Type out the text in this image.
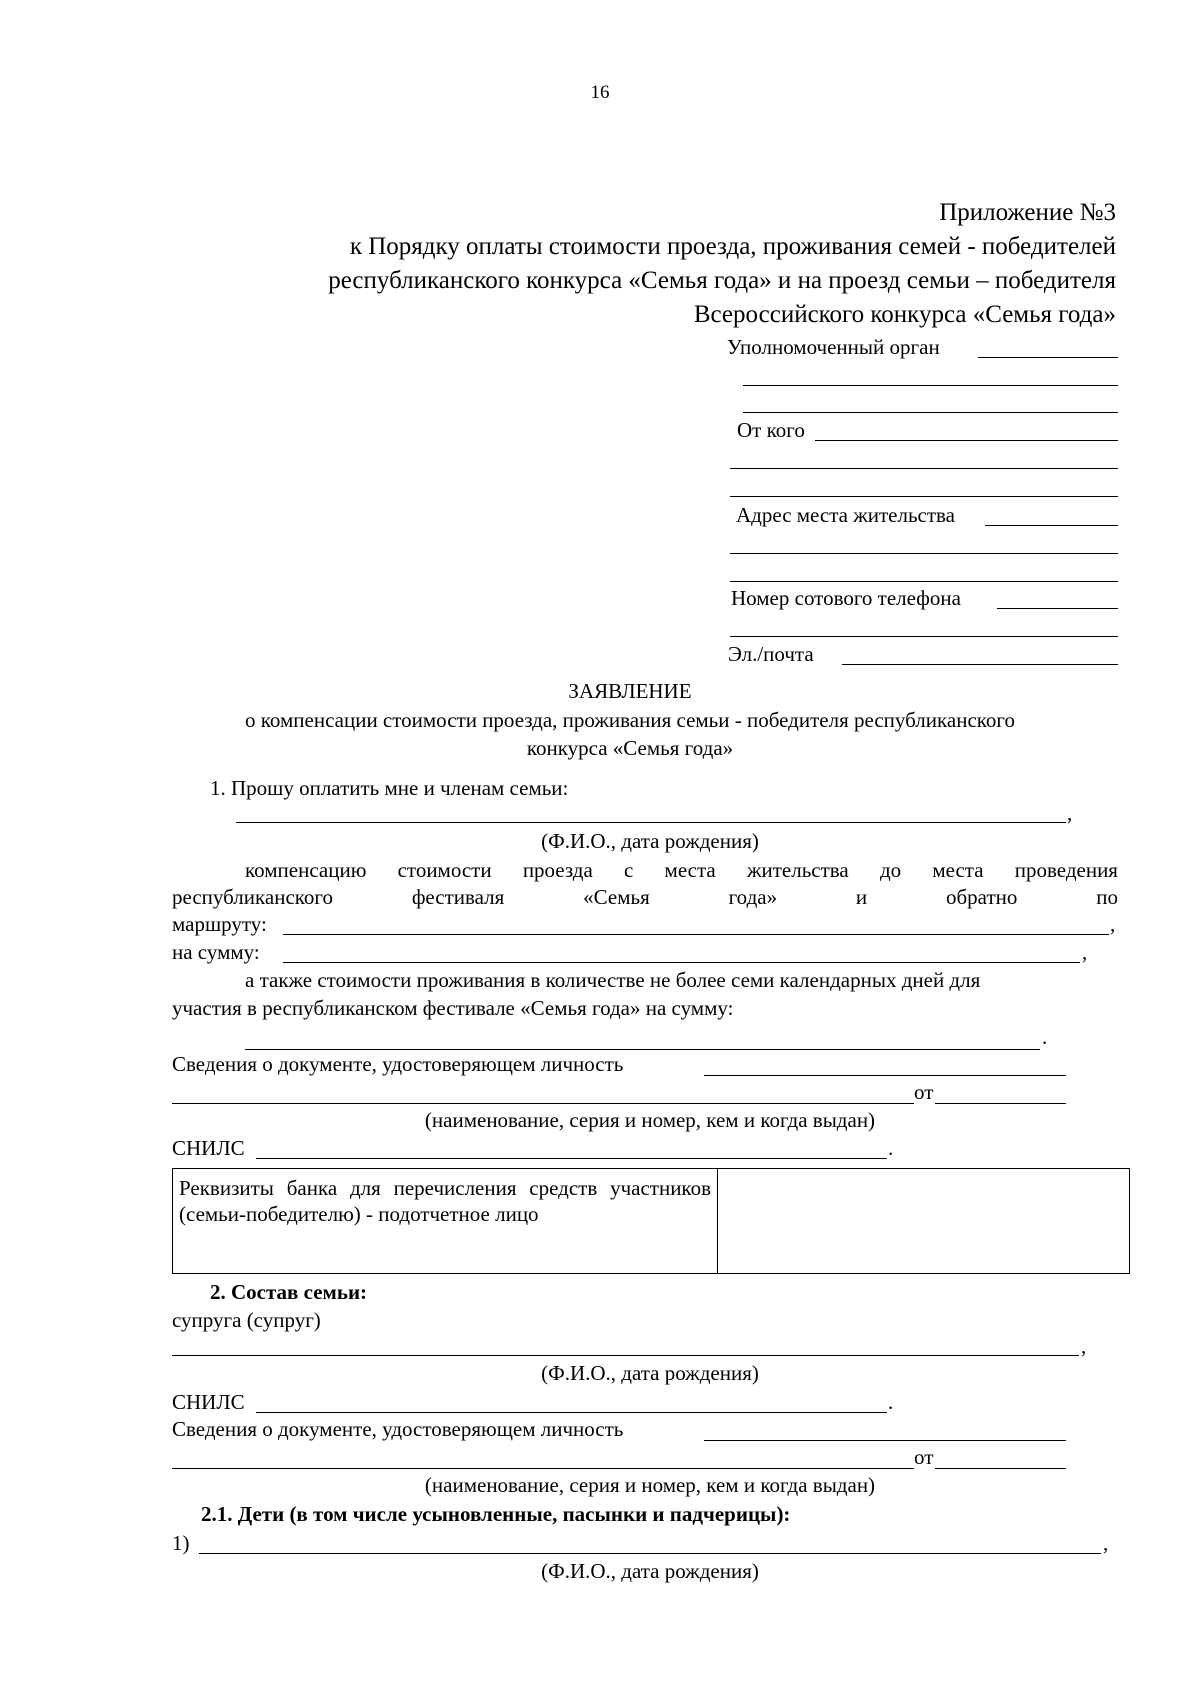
16
Приложение №3
к Порядку оплаты стоимости проезда, проживания семей - победителей
республиканского конкурса «Семья года» и на проезд семьи – победителя
Всероссийского конкурса «Семья года»
Уполномоченный орган
От кого
Адрес места жительства
Номер сотового телефона
Эл./почта
ЗАЯВЛЕНИЕ
о компенсации стоимости проезда, проживания семьи - победителя республиканского
конкурса «Семья года»
1. Прошу оплатить мне и членам семьи:
,
(Ф.И.О., дата рождения)
компенсацию стоимости проезда с места жительства до места проведения
республиканского	фестиваля	«Семья	года»	и	обратно	по
маршруту:	,
на сумму:	,
а также стоимости проживания в количестве не более семи календарных дней для
участия в республиканском фестивале «Семья года» на сумму:
.
Сведения о документе, удостоверяющем личность
от
(наименование, серия и номер, кем и когда выдан)
СНИЛС	.
Реквизиты банка для перечисления средств участников (семьи-победителю) - подотчетное лицо	
2. Состав семьи:
супруга (супруг)
,
(Ф.И.О., дата рождения)
СНИЛС	.
Сведения о документе, удостоверяющем личность
от
(наименование, серия и номер, кем и когда выдан)
2.1. Дети (в том числе усыновленные, пасынки и падчерицы):
1)	,
(Ф.И.О., дата рождения)
